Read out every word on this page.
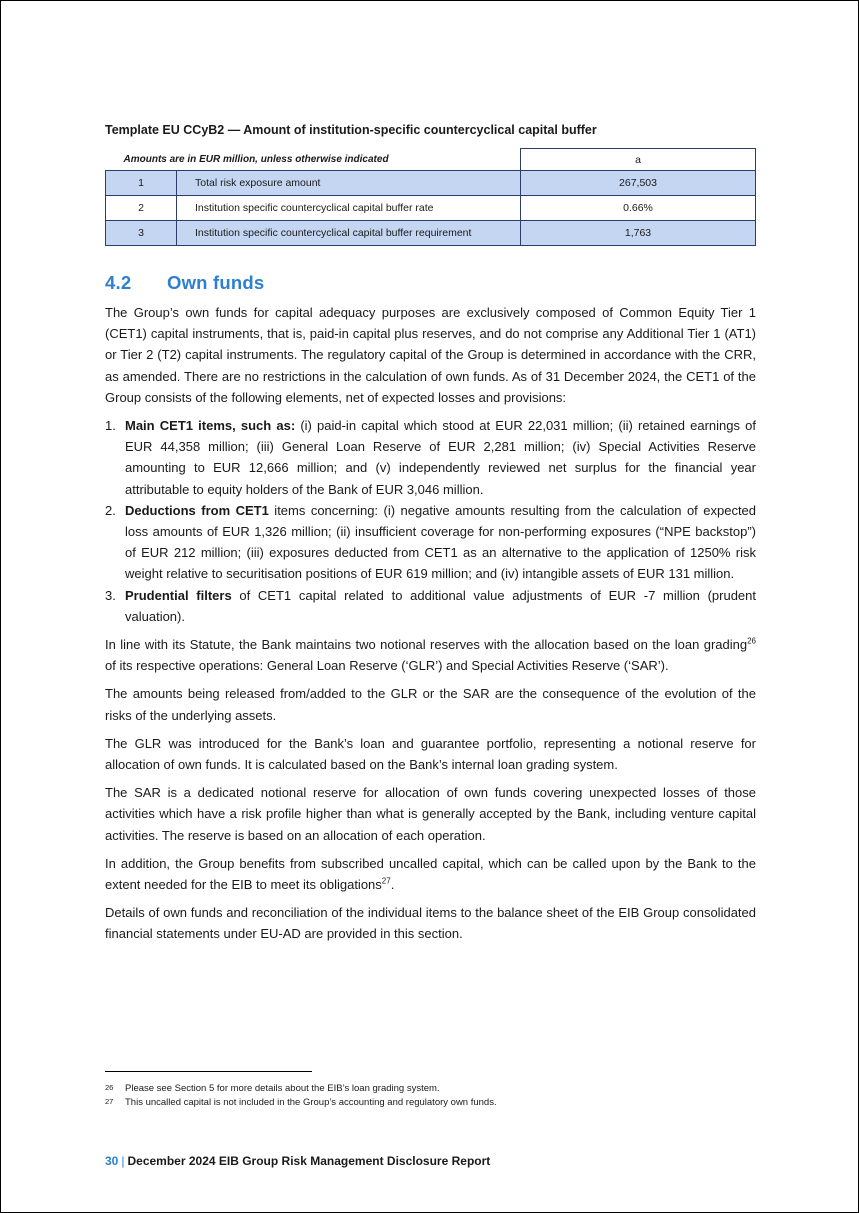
Template EU CCyB2 — Amount of institution-specific countercyclical capital buffer
Amounts are in EUR million, unless otherwise indicated		a
1	Total risk exposure amount	267,503
2	Institution specific countercyclical capital buffer rate	0.66%
3	Institution specific countercyclical capital buffer requirement	1,763
4.2 Own funds

The Group’s own funds for capital adequacy purposes are exclusively composed of Common Equity Tier 1 (CET1) capital instruments, that is, paid-in capital plus reserves, and do not comprise any Additional Tier 1 (AT1) or Tier 2 (T2) capital instruments. The regulatory capital of the Group is determined in accordance with the CRR, as amended. There are no restrictions in the calculation of own funds. As of 31 December 2024, the CET1 of the Group consists of the following elements, net of expected losses and provisions:

1. Main CET1 items, such as: (i) paid-in capital which stood at EUR 22,031 million; (ii) retained earnings of EUR 44,358 million; (iii) General Loan Reserve of EUR 2,281 million; (iv) Special Activities Reserve amounting to EUR 12,666 million; and (v) independently reviewed net surplus for the financial year attributable to equity holders of the Bank of EUR 3,046 million.
2. Deductions from CET1 items concerning: (i) negative amounts resulting from the calculation of expected loss amounts of EUR 1,326 million; (ii) insufficient coverage for non-performing exposures (“NPE backstop”) of EUR 212 million; (iii) exposures deducted from CET1 as an alternative to the application of 1250% risk weight relative to securitisation positions of EUR 619 million; and (iv) intangible assets of EUR 131 million.
3. Prudential filters of CET1 capital related to additional value adjustments of EUR -7 million (prudent valuation).

In line with its Statute, the Bank maintains two notional reserves with the allocation based on the loan grading$^{26}$ of its respective operations: General Loan Reserve (‘GLR’) and Special Activities Reserve (‘SAR’).

The amounts being released from/added to the GLR or the SAR are the consequence of the evolution of the risks of the underlying assets.

The GLR was introduced for the Bank’s loan and guarantee portfolio, representing a notional reserve for allocation of own funds. It is calculated based on the Bank’s internal loan grading system.

The SAR is a dedicated notional reserve for allocation of own funds covering unexpected losses of those activities which have a risk profile higher than what is generally accepted by the Bank, including venture capital activities. The reserve is based on an allocation of each operation.

In addition, the Group benefits from subscribed uncalled capital, which can be called upon by the Bank to the extent needed for the EIB to meet its obligations$^{27}$.

Details of own funds and reconciliation of the individual items to the balance sheet of the EIB Group consolidated financial statements under EU-AD are provided in this section.

26 Please see Section 5 for more details about the EIB’s loan grading system.
27 This uncalled capital is not included in the Group’s accounting and regulatory own funds.
30 | December 2024 EIB Group Risk Management Disclosure Report
